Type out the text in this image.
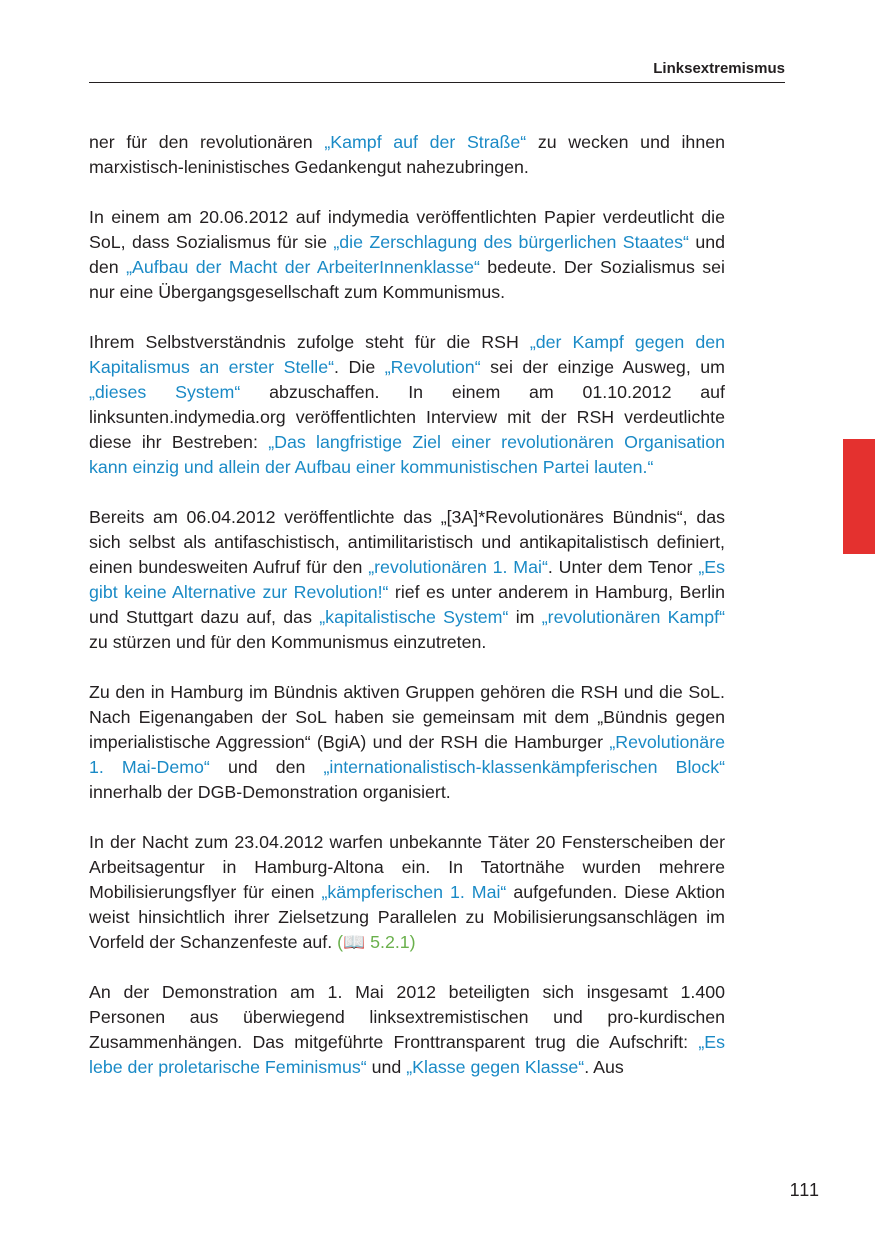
Linksextremismus

ner für den revolutionären „Kampf auf der Straße“ zu wecken und ihnen marxistisch-leninistisches Gedankengut nahezubringen.

In einem am 20.06.2012 auf indymedia veröffentlichten Papier verdeutlicht die SoL, dass Sozialismus für sie „die Zerschlagung des bürgerlichen Staates“ und den „Aufbau der Macht der ArbeiterInnenklasse“ bedeute. Der Sozialismus sei nur eine Übergangsgesellschaft zum Kommunismus.

Ihrem Selbstverständnis zufolge steht für die RSH „der Kampf gegen den Kapitalismus an erster Stelle“. Die „Revolution“ sei der einzige Ausweg, um „dieses System“ abzuschaffen. In einem am 01.10.2012 auf linksunten.indymedia.org veröffentlichten Interview mit der RSH verdeutlichte diese ihr Bestreben: „Das langfristige Ziel einer revolutionären Organisation kann einzig und allein der Aufbau einer kommunistischen Partei lauten.“

Bereits am 06.04.2012 veröffentlichte das „[3A]*Revolutionäres Bündnis“, das sich selbst als antifaschistisch, antimilitaristisch und antikapitalistisch definiert, einen bundesweiten Aufruf für den „revolutionären 1. Mai“. Unter dem Tenor „Es gibt keine Alternative zur Revolution!“ rief es unter anderem in Hamburg, Berlin und Stuttgart dazu auf, das „kapitalistische System“ im „revolutionären Kampf“ zu stürzen und für den Kommunismus einzutreten.

Zu den in Hamburg im Bündnis aktiven Gruppen gehören die RSH und die SoL. Nach Eigenangaben der SoL haben sie gemeinsam mit dem „Bündnis gegen imperialistische Aggression“ (BgiA) und der RSH die Hamburger „Revolutionäre 1. Mai-Demo“ und den „internationalistisch-klassenkämpferischen Block“ innerhalb der DGB-Demonstration organisiert.

In der Nacht zum 23.04.2012 warfen unbekannte Täter 20 Fensterscheiben der Arbeitsagentur in Hamburg-Altona ein. In Tatortnähe wurden mehrere Mobilisierungsflyer für einen „kämpferischen 1. Mai“ aufgefunden. Diese Aktion weist hinsichtlich ihrer Zielsetzung Parallelen zu Mobilisierungsanschlägen im Vorfeld der Schanzenfeste auf. (📖 5.2.1)

An der Demonstration am 1. Mai 2012 beteiligten sich insgesamt 1.400 Personen aus überwiegend linksextremistischen und pro-kurdischen Zusammenhängen. Das mitgeführte Fronttransparent trug die Aufschrift: „Es lebe der proletarische Feminismus“ und „Klasse gegen Klasse“. Aus

111
